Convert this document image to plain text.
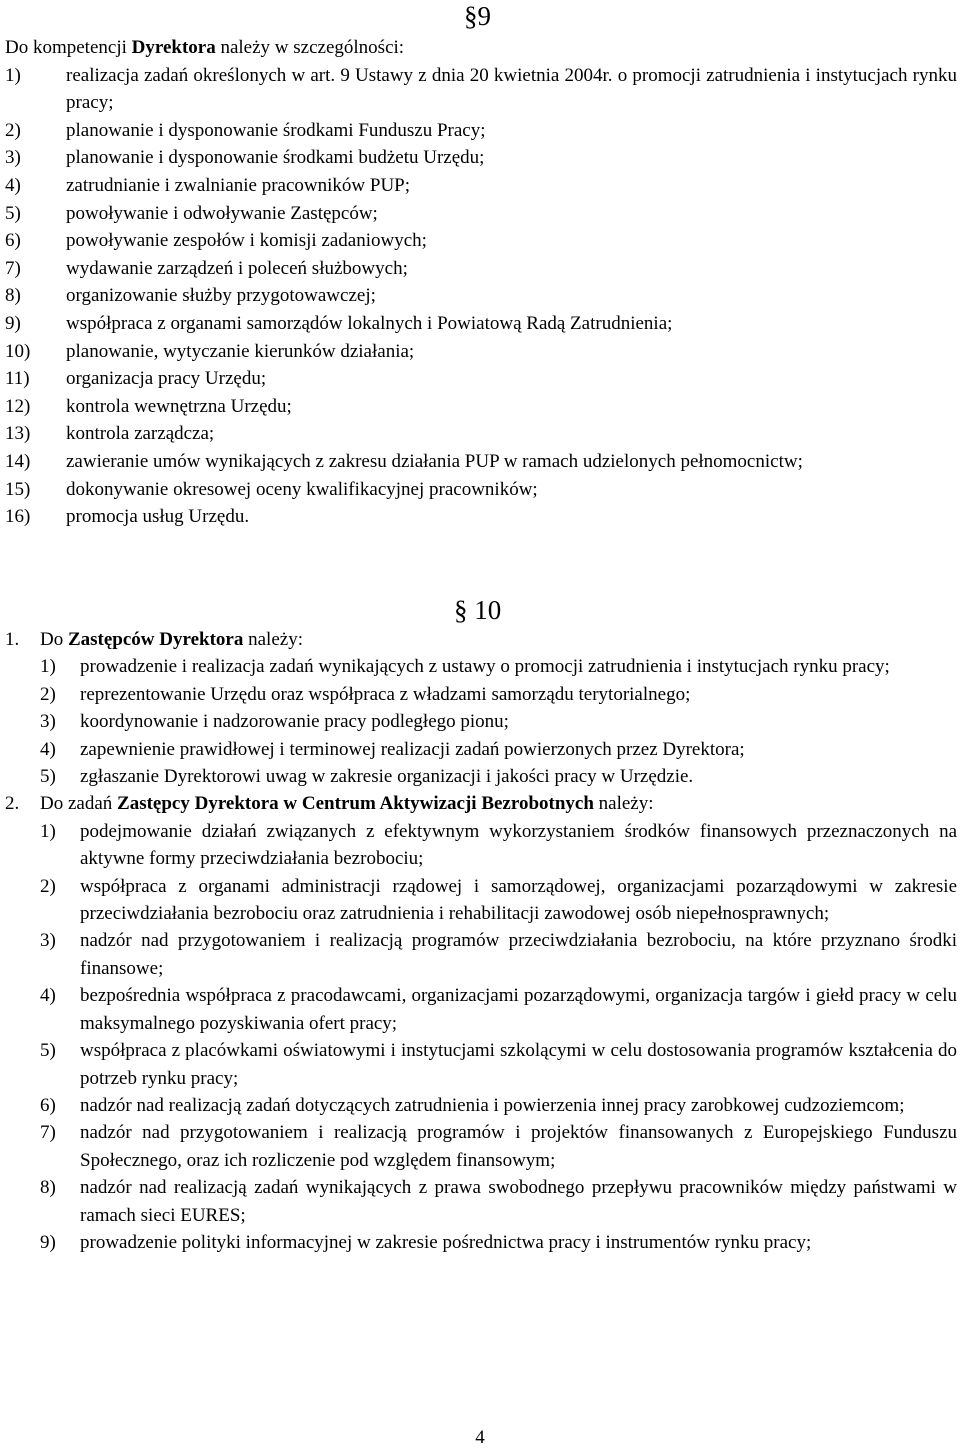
§9
Do kompetencji Dyrektora należy w szczególności:
1)	realizacja zadań określonych w art. 9 Ustawy z dnia 20 kwietnia 2004r. o promocji zatrudnienia i instytucjach rynku pracy;
2)	planowanie i dysponowanie środkami Funduszu Pracy;
3)	planowanie i dysponowanie środkami budżetu Urzędu;
4)	zatrudnianie i zwalnianie pracowników PUP;
5)	powoływanie i odwoływanie Zastępców;
6)	powoływanie zespołów i komisji zadaniowych;
7)	wydawanie zarządzeń i poleceń służbowych;
8)	organizowanie służby przygotowawczej;
9)	współpraca z organami samorządów lokalnych i Powiatową Radą Zatrudnienia;
10)	planowanie, wytyczanie kierunków działania;
11)	organizacja pracy Urzędu;
12)	kontrola wewnętrzna Urzędu;
13)	kontrola zarządcza;
14)	zawieranie umów wynikających z zakresu działania PUP w ramach udzielonych pełnomocnictw;
15)	dokonywanie okresowej oceny kwalifikacyjnej pracowników;
16)	promocja usług Urzędu.
§ 10
1.	Do Zastępców Dyrektora należy:
1)	prowadzenie i realizacja zadań wynikających z ustawy o promocji zatrudnienia i instytucjach rynku pracy;
2)	reprezentowanie Urzędu oraz współpraca z władzami samorządu terytorialnego;
3)	koordynowanie i nadzorowanie pracy podległego pionu;
4)	zapewnienie prawidłowej i terminowej realizacji zadań powierzonych przez Dyrektora;
5)	zgłaszanie Dyrektorowi uwag w zakresie organizacji i jakości pracy w Urzędzie.
2.	Do zadań Zastępcy Dyrektora w Centrum Aktywizacji Bezrobotnych należy:
1)	podejmowanie działań związanych z efektywnym wykorzystaniem środków finansowych przeznaczonych na aktywne formy przeciwdziałania bezrobociu;
2)	współpraca z organami administracji rządowej i samorządowej, organizacjami pozarządowymi w zakresie przeciwdziałania bezrobociu oraz zatrudnienia i rehabilitacji zawodowej osób niepełnosprawnych;
3)	nadzór nad przygotowaniem i realizacją programów przeciwdziałania bezrobociu, na które przyznano środki finansowe;
4)	bezpośrednia współpraca z pracodawcami, organizacjami pozarządowymi, organizacja targów i giełd pracy w celu maksymalnego pozyskiwania ofert pracy;
5)	współpraca z placówkami oświatowymi i instytucjami szkolącymi w celu dostosowania programów kształcenia do potrzeb rynku pracy;
6)	nadzór nad realizacją zadań dotyczących zatrudnienia i powierzenia innej pracy zarobkowej cudzoziemcom;
7)	nadzór nad przygotowaniem i realizacją programów i projektów finansowanych z Europejskiego Funduszu Społecznego, oraz ich rozliczenie pod względem finansowym;
8)	nadzór nad realizacją zadań wynikających z prawa swobodnego przepływu pracowników między państwami w ramach sieci EURES;
9)	prowadzenie polityki informacyjnej w zakresie pośrednictwa pracy i instrumentów rynku pracy;
4
